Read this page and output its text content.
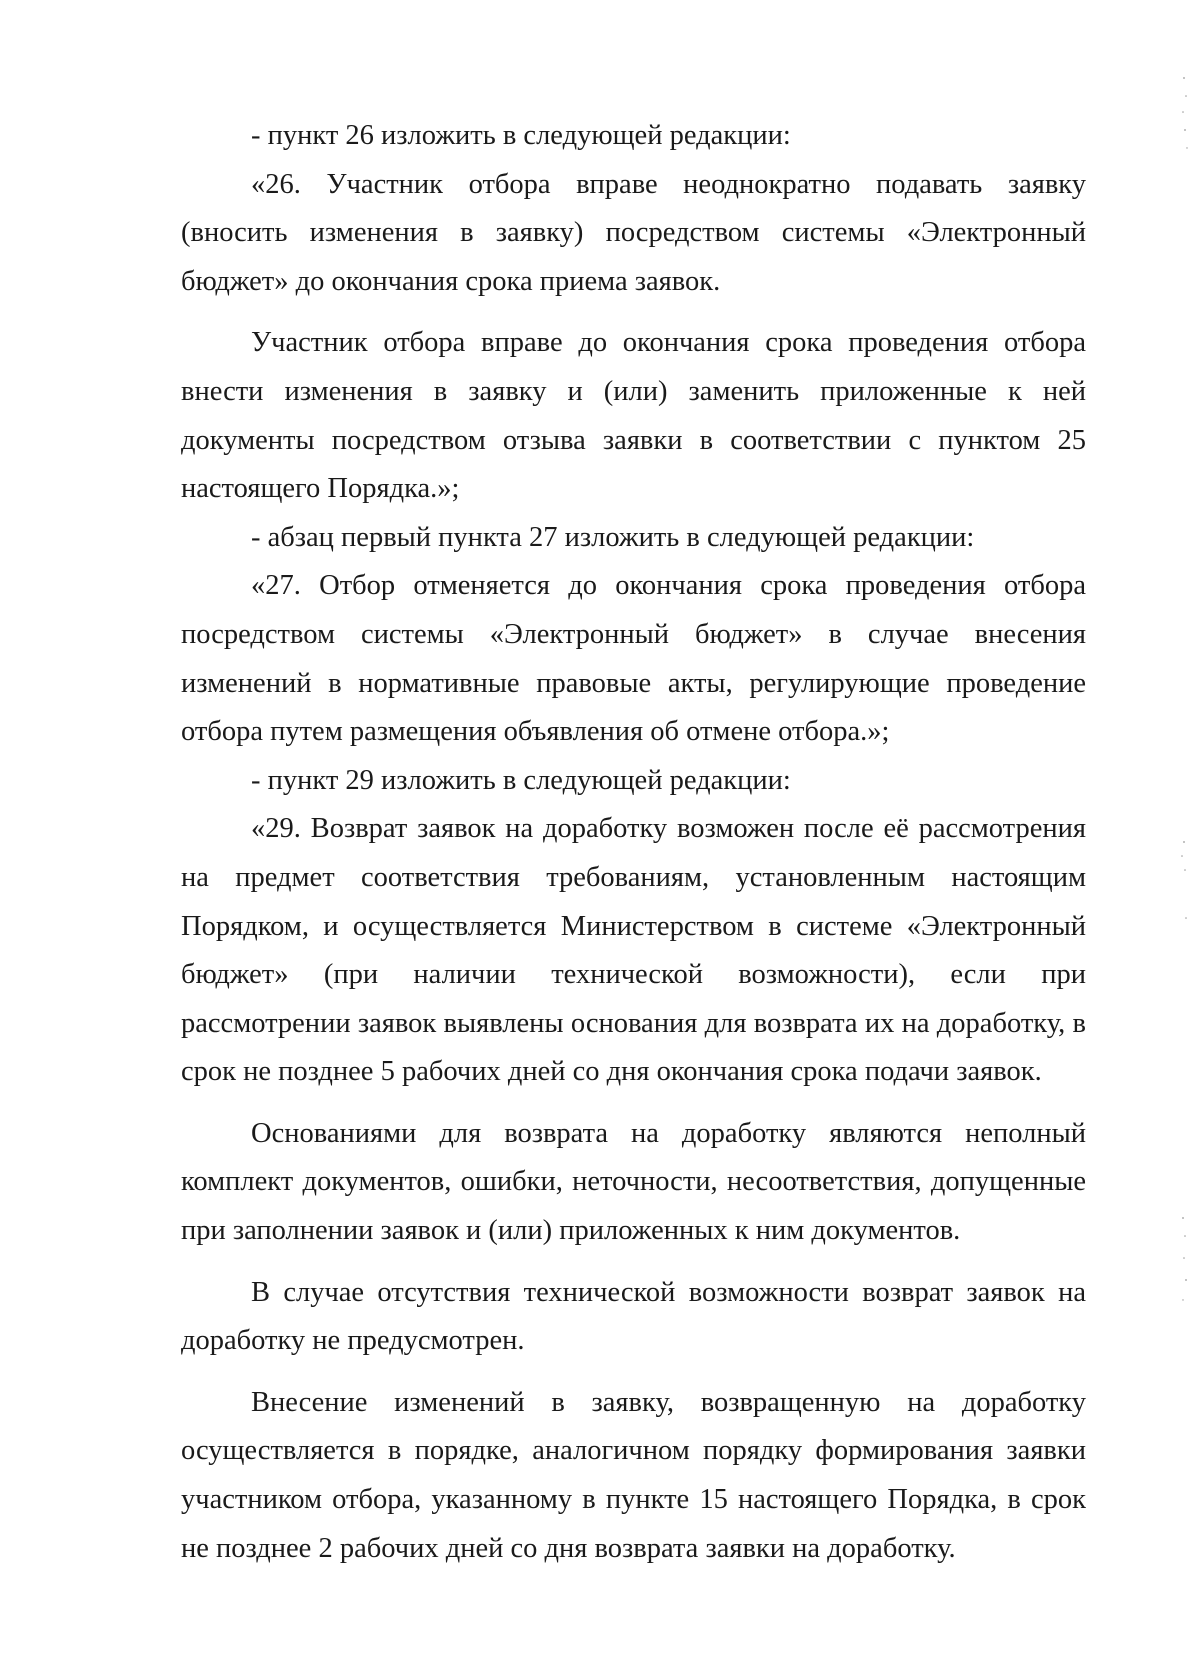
- пункт 26 изложить в следующей редакции:

«26. Участник отбора вправе неоднократно подавать заявку (вносить изменения в заявку) посредством системы «Электронный бюджет» до окончания срока приема заявок.

Участник отбора вправе до окончания срока проведения отбора внести изменения в заявку и (или) заменить приложенные к ней документы посредством отзыва заявки в соответствии с пунктом 25 настоящего Порядка.»;

- абзац первый пункта 27 изложить в следующей редакции:

«27. Отбор отменяется до окончания срока проведения отбора посредством системы «Электронный бюджет» в случае внесения изменений в нормативные правовые акты, регулирующие проведение отбора путем размещения объявления об отмене отбора.»;

- пункт 29 изложить в следующей редакции:

«29. Возврат заявок на доработку возможен после её рассмотрения на предмет соответствия требованиям, установленным настоящим Порядком, и осуществляется Министерством в системе «Электронный бюджет» (при наличии технической возможности), если при рассмотрении заявок выявлены основания для возврата их на доработку, в срок не позднее 5 рабочих дней со дня окончания срока подачи заявок.

Основаниями для возврата на доработку являются неполный комплект документов, ошибки, неточности, несоответствия, допущенные при заполнении заявок и (или) приложенных к ним документов.

В случае отсутствия технической возможности возврат заявок на доработку не предусмотрен.

Внесение изменений в заявку, возвращенную на доработку осуществляется в порядке, аналогичном порядку формирования заявки участником отбора, указанному в пункте 15 настоящего Порядка, в срок не позднее 2 рабочих дней со дня возврата заявки на доработку.
